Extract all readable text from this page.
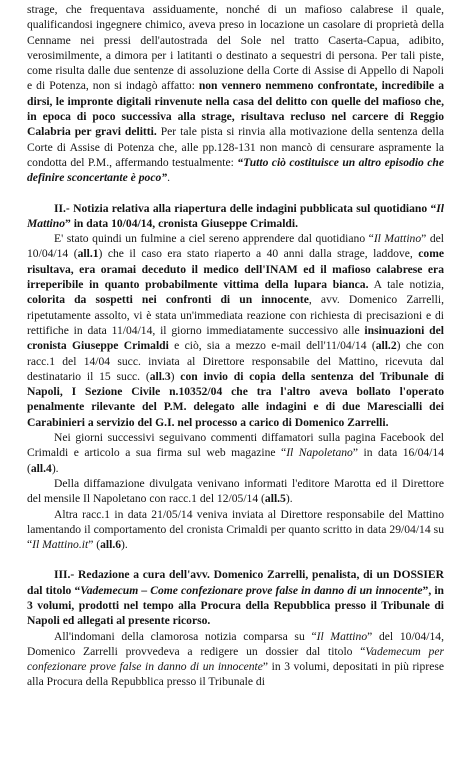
strage, che frequentava assiduamente, nonché di un mafioso calabrese il quale, qualificandosi ingegnere chimico, aveva preso in locazione un casolare di proprietà della Cenname nei pressi dell'autostrada del Sole nel tratto Caserta-Capua, adibito, verosimilmente, a dimora per i latitanti o destinato a sequestri di persona. Per tali piste, come risulta dalle due sentenze di assoluzione della Corte di Assise di Appello di Napoli e di Potenza, non si indagò affatto: non vennero nemmeno confrontate, incredibile a dirsi, le impronte digitali rinvenute nella casa del delitto con quelle del mafioso che, in epoca di poco successiva alla strage, risultava recluso nel carcere di Reggio Calabria per gravi delitti. Per tale pista si rinvia alla motivazione della sentenza della Corte di Assise di Potenza che, alle pp.128-131 non mancò di censurare aspramente la condotta del P.M., affermando testualmente: “Tutto ciò costituisce un altro episodio che definire sconcertante è poco”.

II.- Notizia relativa alla riapertura delle indagini pubblicata sul quotidiano “Il Mattino” in data 10/04/14, cronista Giuseppe Crimaldi.

E' stato quindi un fulmine a ciel sereno apprendere dal quotidiano “Il Mattino” del 10/04/14 (all.1) che il caso era stato riaperto a 40 anni dalla strage, laddove, come risultava, era oramai deceduto il medico dell'INAM ed il mafioso calabrese era irreperibile in quanto probabilmente vittima della lupara bianca. A tale notizia, colorita da sospetti nei confronti di un innocente, avv. Domenico Zarrelli, ripetutamente assolto, vi è stata un'immediata reazione con richiesta di precisazioni e di rettifiche in data 11/04/14, il giorno immediatamente successivo alle insinuazioni del cronista Giuseppe Crimaldi e ciò, sia a mezzo e-mail dell'11/04/14 (all.2) che con racc.1 del 14/04 succ. inviata al Direttore responsabile del Mattino, ricevuta dal destinatario il 15 succ. (all.3) con invio di copia della sentenza del Tribunale di Napoli, I Sezione Civile n.10352/04 che tra l'altro aveva bollato l'operato penalmente rilevante del P.M. delegato alle indagini e di due Marescialli dei Carabinieri a servizio del G.I. nel processo a carico di Domenico Zarrelli.

Nei giorni successivi seguivano commenti diffamatori sulla pagina Facebook del Crimaldi e articolo a sua firma sul web magazine “Il Napoletano” in data 16/04/14 (all.4).

Della diffamazione divulgata venivano informati l'editore Marotta ed il Direttore del mensile Il Napoletano con racc.1 del 12/05/14 (all.5).

Altra racc.1 in data 21/05/14 veniva inviata al Direttore responsabile del Mattino lamentando il comportamento del cronista Crimaldi per quanto scritto in data 29/04/14 su “Il Mattino.it” (all.6).

III.- Redazione a cura dell'avv. Domenico Zarrelli, penalista, di un DOSSIER dal titolo “Vademecum – Come confezionare prove false in danno di un innocente”, in 3 volumi, prodotti nel tempo alla Procura della Repubblica presso il Tribunale di Napoli ed allegati al presente ricorso.

All'indomani della clamorosa notizia comparsa su “Il Mattino” del 10/04/14, Domenico Zarrelli provvedeva a redigere un dossier dal titolo “Vademecum per confezionare prove false in danno di un innocente” in 3 volumi, depositati in più riprese alla Procura della Repubblica presso il Tribunale di
